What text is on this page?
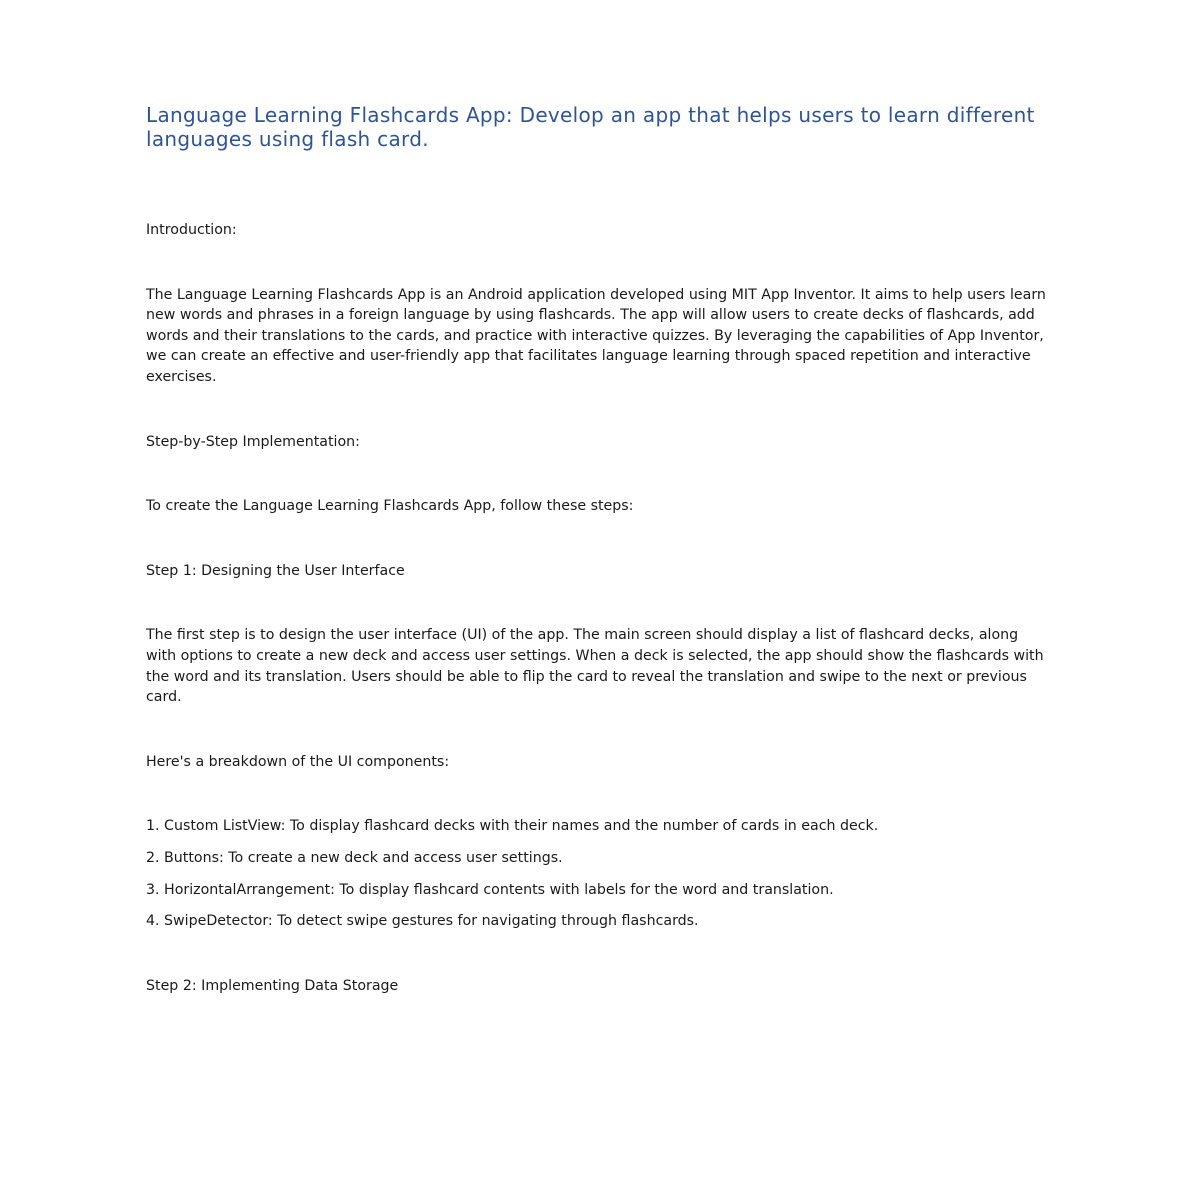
Language Learning Flashcards App: Develop an app that helps users to learn different languages using flash card.

Introduction:

The Language Learning Flashcards App is an Android application developed using MIT App Inventor. It aims to help users learn new words and phrases in a foreign language by using flashcards. The app will allow users to create decks of flashcards, add words and their translations to the cards, and practice with interactive quizzes. By leveraging the capabilities of App Inventor, we can create an effective and user-friendly app that facilitates language learning through spaced repetition and interactive exercises.

Step-by-Step Implementation:

To create the Language Learning Flashcards App, follow these steps:

Step 1: Designing the User Interface

The first step is to design the user interface (UI) of the app. The main screen should display a list of flashcard decks, along with options to create a new deck and access user settings. When a deck is selected, the app should show the flashcards with the word and its translation. Users should be able to flip the card to reveal the translation and swipe to the next or previous card.

Here's a breakdown of the UI components:

1. Custom ListView: To display flashcard decks with their names and the number of cards in each deck.

2. Buttons: To create a new deck and access user settings.

3. HorizontalArrangement: To display flashcard contents with labels for the word and translation.

4. SwipeDetector: To detect swipe gestures for navigating through flashcards.

Step 2: Implementing Data Storage
